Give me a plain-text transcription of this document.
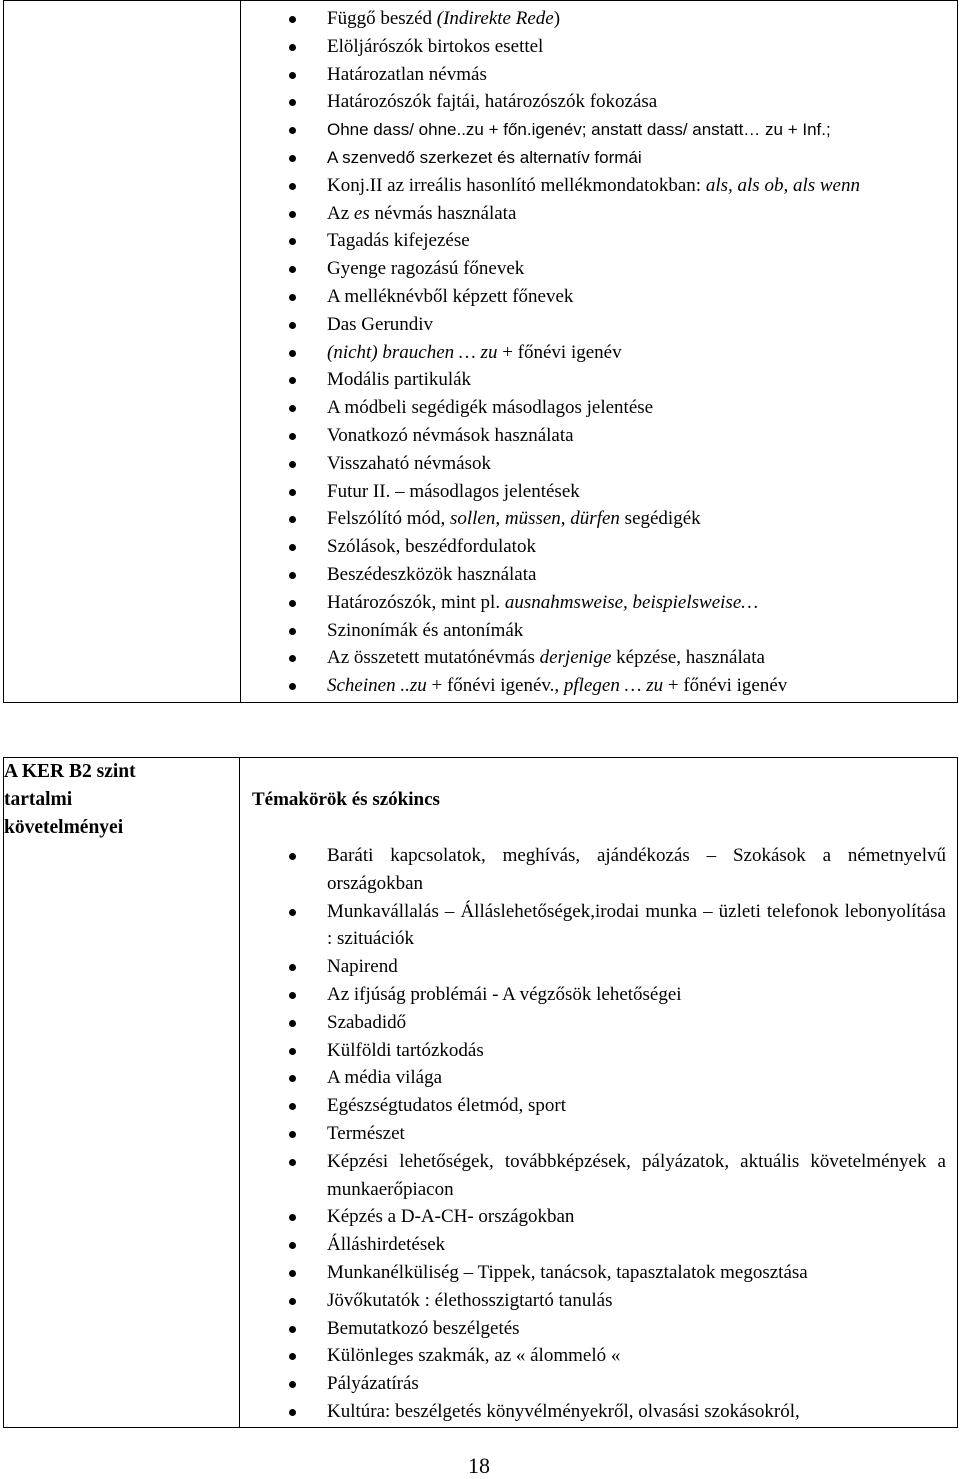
Függő beszéd (Indirekte Rede)
Elöljárószók birtokos esettel
Határozatlan névmás
Határozószók fajtái, határozószók fokozása
Ohne dass/ ohne..zu + főn.igenév; anstatt dass/ anstatt… zu + Inf.;
A szenvedő szerkezet és alternatív formái
Konj.II az irreális hasonlító mellékmondatokban: als, als ob, als wenn
Az es névmás használata
Tagadás kifejezése
Gyenge ragozású főnevek
A melléknévből képzett főnevek
Das Gerundiv
(nicht) brauchen … zu + főnévi igenév
Modális partikulák
A módbeli segédigék másodlagos jelentése
Vonatkozó névmások használata
Visszaható névmások
Futur II. – másodlagos jelentések
Felszólító mód, sollen, müssen, dürfen segédigék
Szólások, beszédfordulatok
Beszédeszközök használata
Határozószók, mint pl. ausnahmsweise, beispielsweise…
Szinonímák és antonímák
Az összetett mutatónévmás derjenige képzése, használata
Scheinen ..zu + főnévi igenév., pflegen … zu + főnévi igenév
A KER B2 szint
tartalmi
követelményei

Témakörök és szókincs
Baráti kapcsolatok, meghívás, ajándékozás – Szokások a németnyelvű országokban
Munkavállalás – Álláslehetőségek,irodai munka – üzleti telefonok lebonyolítása : szituációk
Napirend
Az ifjúság problémái - A végzősök lehetőségei
Szabadidő
Külföldi tartózkodás
A média világa
Egészségtudatos életmód, sport
Természet
Képzési lehetőségek, továbbképzések, pályázatok, aktuális követelmények a munkaerőpiacon
Képzés a D-A-CH- országokban
Álláshirdetések
Munkanélküliség – Tippek, tanácsok, tapasztalatok megosztása
Jövőkutatók : élethosszigtartó tanulás
Bemutatkozó beszélgetés
Különleges szakmák, az « álommeló «
Pályázatírás
Kultúra: beszélgetés könyvélményekről, olvasási szokásokról,
18
